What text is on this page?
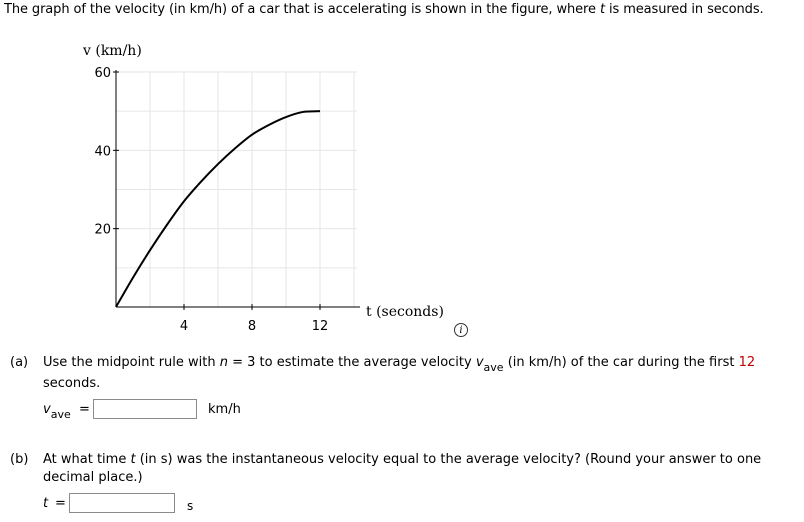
The graph of the velocity (in km/h) of a car that is accelerating is shown in the figure, where t is measured in seconds.
4	8	12
20
40
60
v (km/h)
t (seconds)
i
(a) Use the midpoint rule with n = 3 to estimate the average velocity $v_{ave}$ (in km/h) of the car during the first 12
seconds.
$v_{ave}$ =	km/h
(b) At what time t (in s) was the instantaneous velocity equal to the average velocity? (Round your answer to one
decimal place.)
t =	s
